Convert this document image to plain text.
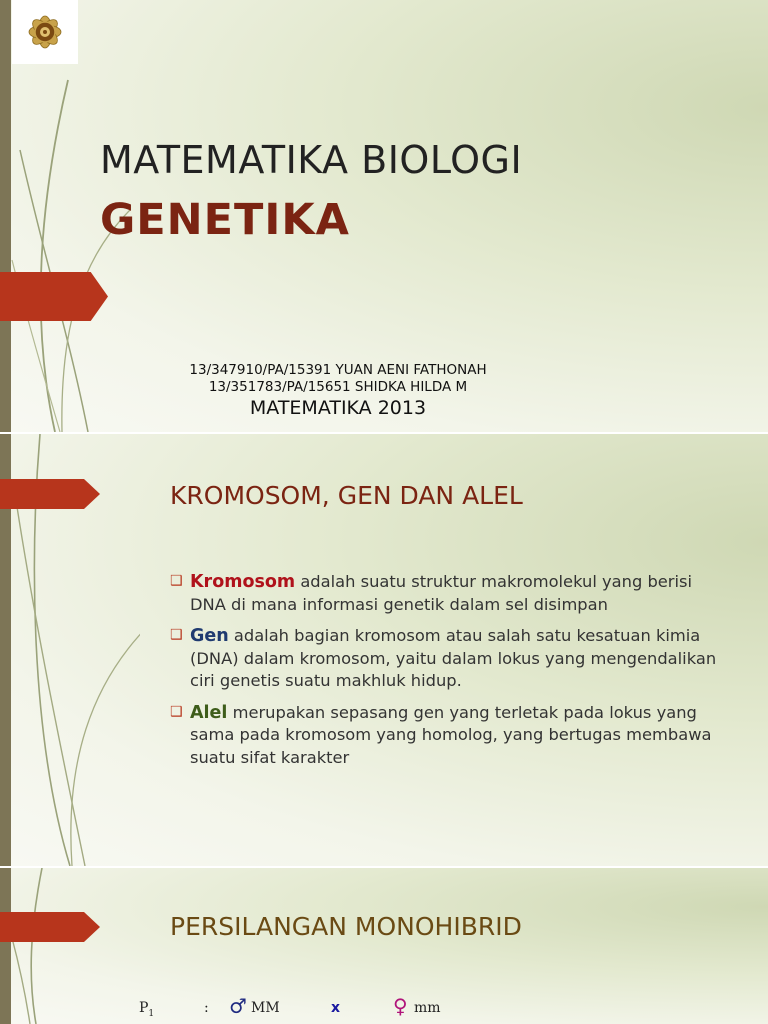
MATEMATIKA BIOLOGI
GENETIKA
13/347910/PA/15391 YUAN AENI FATHONAH
13/351783/PA/15651 SHIDKA HILDA M
MATEMATIKA 2013
KROMOSOM, GEN DAN ALEL
❑ Kromosom adalah suatu struktur makromolekul yang berisi DNA di mana informasi genetik dalam sel disimpan
❑ Gen adalah bagian kromosom atau salah satu kesatuan kimia (DNA) dalam kromosom, yaitu dalam lokus yang mengendalikan ciri genetis suatu makhluk hidup.
❑ Alel merupakan sepasang gen yang terletak pada lokus yang sama pada kromosom yang homolog, yang bertugas membawa suatu sifat karakter
PERSILANGAN MONOHIBRID
$P_1$	: ♂ MM	x	♀ mm
